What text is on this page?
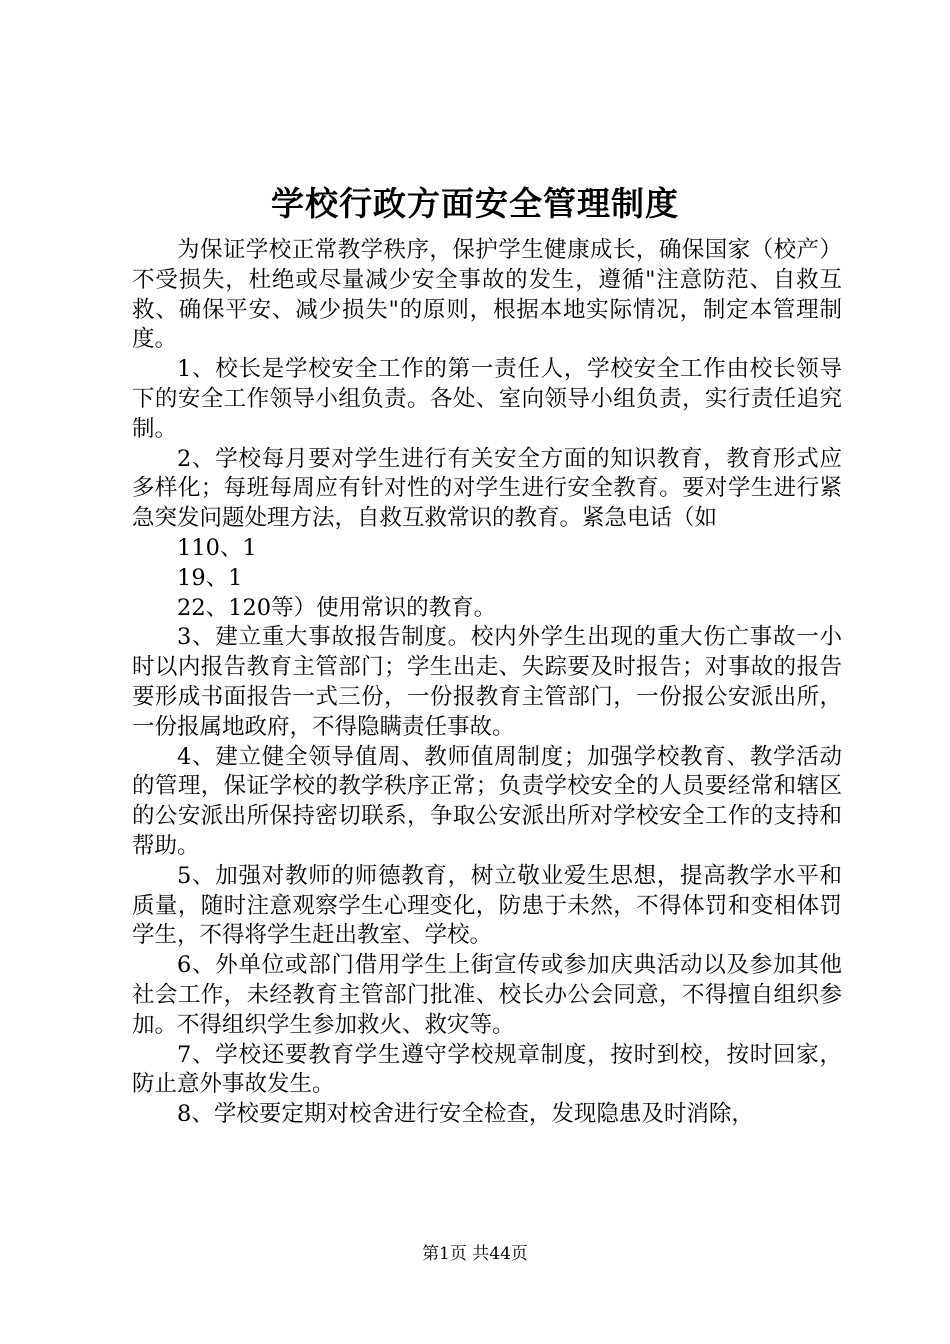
学校行政方面安全管理制度

为保证学校正常教学秩序，保护学生健康成长，确保国家（校产）不受损失，杜绝或尽量减少安全事故的发生，遵循"注意防范、自救互救、确保平安、减少损失"的原则，根据本地实际情况，制定本管理制度。

1、校长是学校安全工作的第一责任人，学校安全工作由校长领导下的安全工作领导小组负责。各处、室向领导小组负责，实行责任追究制。

2、学校每月要对学生进行有关安全方面的知识教育，教育形式应多样化；每班每周应有针对性的对学生进行安全教育。要对学生进行紧急突发问题处理方法，自救互救常识的教育。紧急电话（如

110、1

19、1

22、120等）使用常识的教育。

3、建立重大事故报告制度。校内外学生出现的重大伤亡事故一小时以内报告教育主管部门；学生出走、失踪要及时报告；对事故的报告要形成书面报告一式三份，一份报教育主管部门，一份报公安派出所，一份报属地政府，不得隐瞒责任事故。

4、建立健全领导值周、教师值周制度；加强学校教育、教学活动的管理，保证学校的教学秩序正常；负责学校安全的人员要经常和辖区的公安派出所保持密切联系，争取公安派出所对学校安全工作的支持和帮助。

5、加强对教师的师德教育，树立敬业爱生思想，提高教学水平和质量，随时注意观察学生心理变化，防患于未然，不得体罚和变相体罚学生，不得将学生赶出教室、学校。

6、外单位或部门借用学生上街宣传或参加庆典活动以及参加其他社会工作，未经教育主管部门批准、校长办公会同意，不得擅自组织参加。不得组织学生参加救火、救灾等。

7、学校还要教育学生遵守学校规章制度，按时到校，按时回家，防止意外事故发生。

8、学校要定期对校舍进行安全检查，发现隐患及时消除，

第1页 共44页
